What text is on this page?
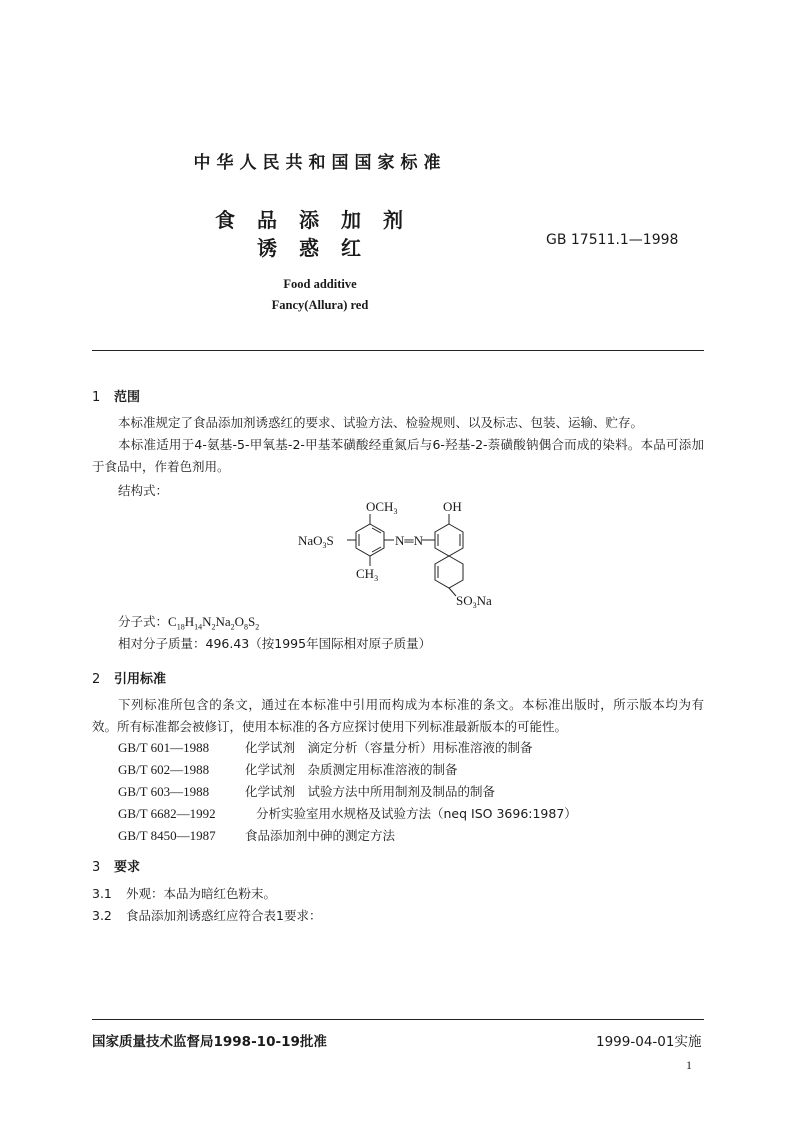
中华人民共和国国家标准
食品添加剂
诱惑红	GB 17511.1—1998
Food additive
Fancy(Allura) red
1 范围
本标准规定了食品添加剂诱惑红的要求、试验方法、检验规则、以及标志、包装、运输、贮存。
本标准适用于4-氨基-5-甲氧基-2-甲基苯磺酸经重氮后与6-羟基-2-萘磺酸钠偶合而成的染料。本品可添加于食品中，作着色剂用。
结构式：
$OCH_3$	OH
NaO$_3$S	N═N
$CH_3$
$SO_3Na$
分子式：$C_{18}H_{14}N_2Na_2O_8S_2$
相对分子质量：496.43（按1995年国际相对原子质量）
2 引用标准
下列标准所包含的条文，通过在本标准中引用而构成为本标准的条文。本标准出版时，所示版本均为有效。所有标准都会被修订，使用本标准的各方应探讨使用下列标准最新版本的可能性。
GB/T 601—1988	化学试剂　滴定分析（容量分析）用标准溶液的制备
GB/T 602—1988	化学试剂　杂质测定用标准溶液的制备
GB/T 603—1988	化学试剂　试验方法中所用制剂及制品的制备
GB/T 6682—1992	分析实验室用水规格及试验方法（neq ISO 3696:1987）
GB/T 8450—1987 食品添加剂中砷的测定方法
3 要求
3.1 外观：本品为暗红色粉末。
3.2 食品添加剂诱惑红应符合表1要求：
国家质量技术监督局1998-10-19批准	1999-04-01实施
1
